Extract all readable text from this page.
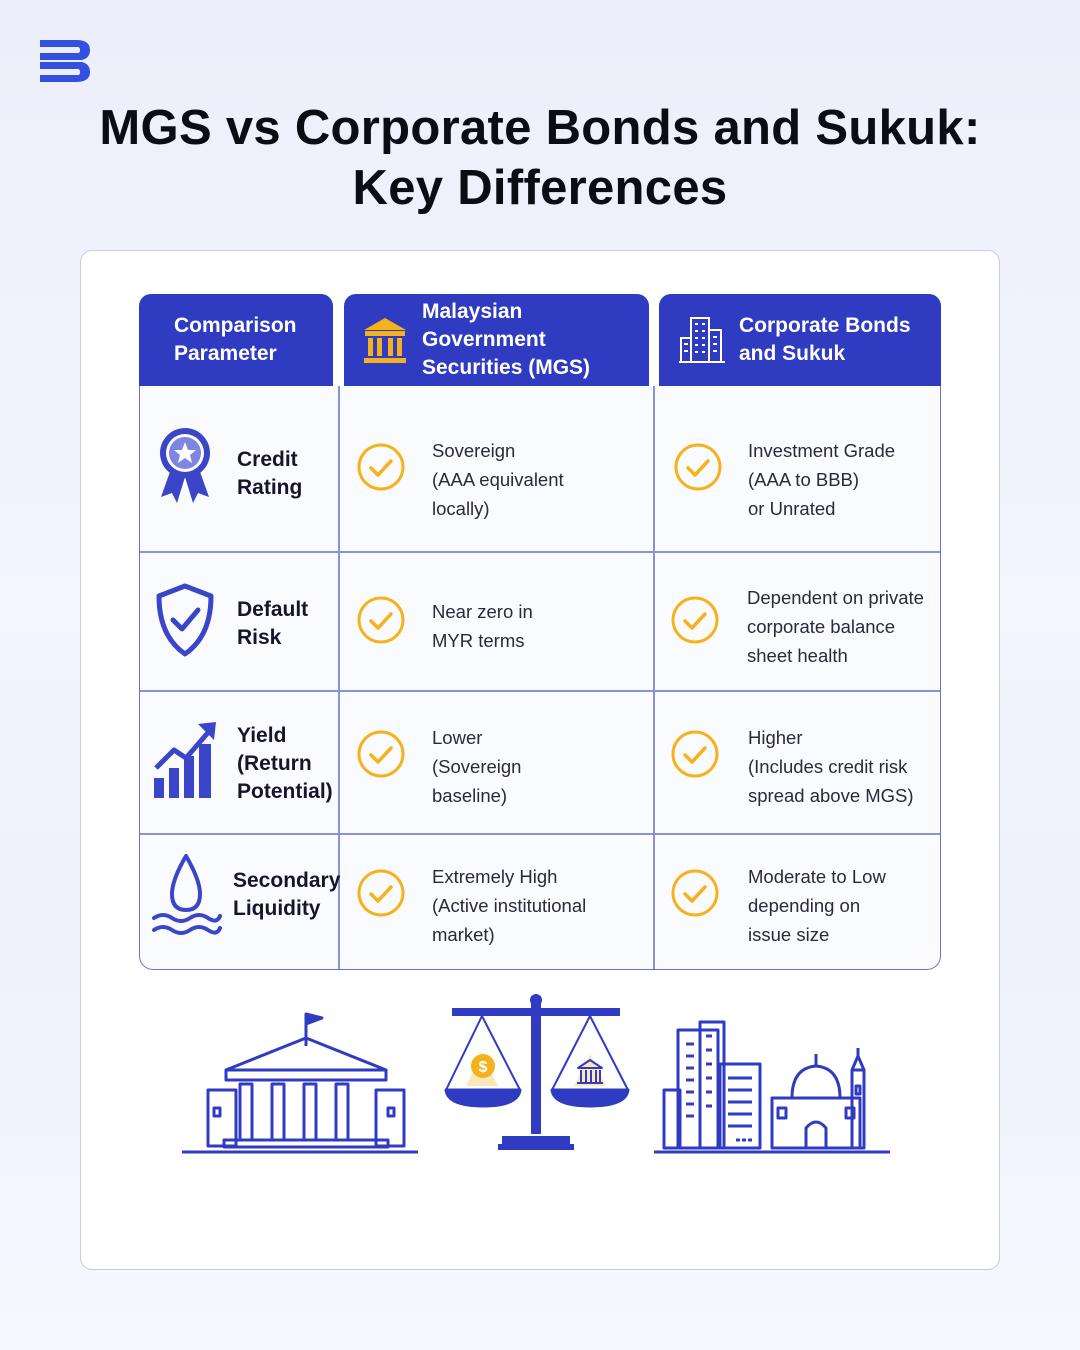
MGS vs Corporate Bonds and Sukuk:
Key Differences
Comparison
Parameter
Malaysian Government
Securities (MGS)
Corporate Bonds
and Sukuk
Credit
Rating
Sovereign
(AAA equivalent
locally)
Investment Grade
(AAA to BBB)
or Unrated
Default
Risk
Near zero in
MYR terms
Dependent on private
corporate balance
sheet health
Yield
(Return
Potential)
Lower
(Sovereign
baseline)
Higher
(Includes credit risk
spread above MGS)
Secondary
Liquidity
Extremely High
(Active institutional
market)
Moderate to Low
depending on
issue size
$
